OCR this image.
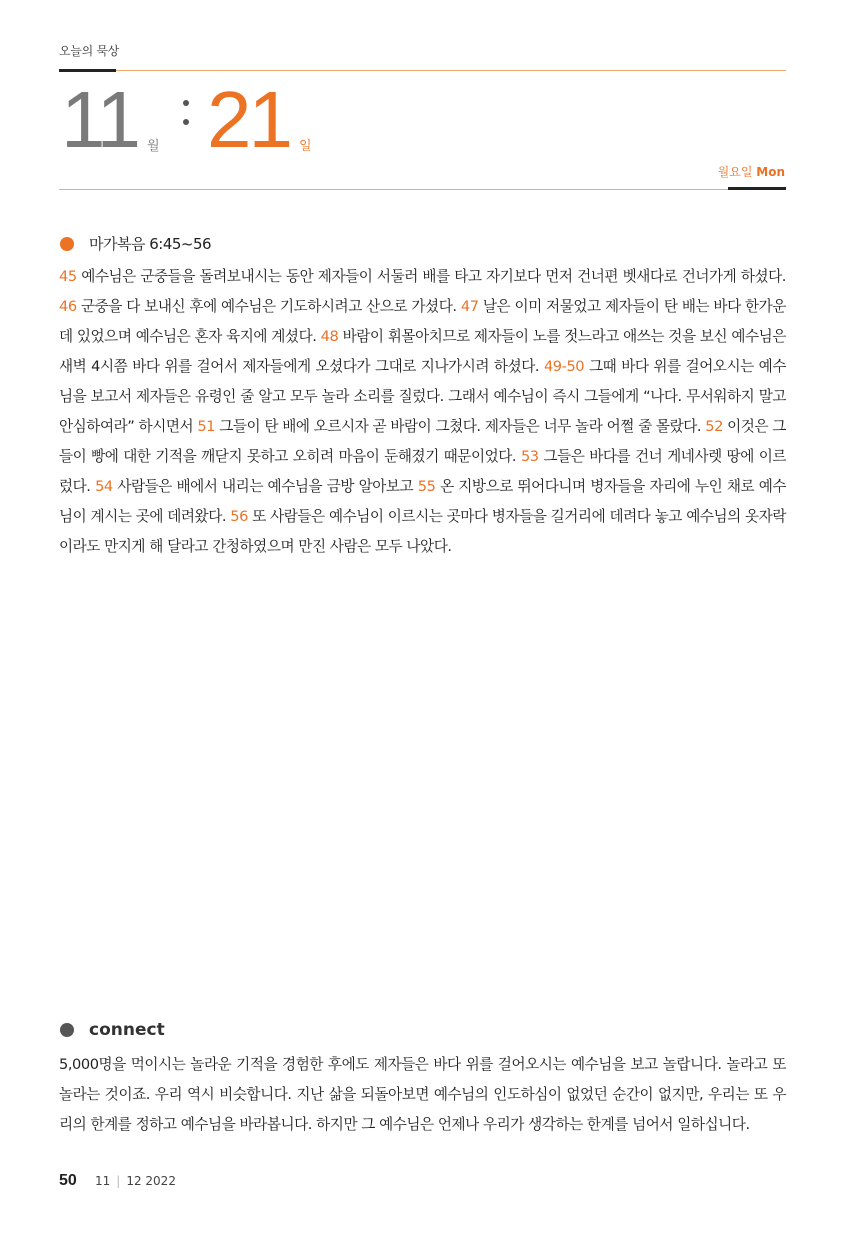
오늘의 묵상
11 월 21 일
월요일 Mon
마가복음 6:45~56
45 예수님은 군중들을 돌려보내시는 동안 제자들이 서둘러 배를 타고 자기보다 먼저 건너편 벳새다로 건너가게 하셨다. 46 군중을 다 보내신 후에 예수님은 기도하시려고 산으로 가셨다. 47 날은 이미 저물었고 제자들이 탄 배는 바다 한가운데 있었으며 예수님은 혼자 육지에 계셨다. 48 바람이 휘몰아치므로 제자들이 노를 젓느라고 애쓰는 것을 보신 예수님은 새벽 4시쯤 바다 위를 걸어서 제자들에게 오셨다가 그대로 지나가시려 하셨다. 49-50 그때 바다 위를 걸어오시는 예수님을 보고서 제자들은 유령인 줄 알고 모두 놀라 소리를 질렀다. 그래서 예수님이 즉시 그들에게 “나다. 무서워하지 말고 안심하여라” 하시면서 51 그들이 탄 배에 오르시자 곧 바람이 그쳤다. 제자들은 너무 놀라 어쩔 줄 몰랐다. 52 이것은 그들이 빵에 대한 기적을 깨닫지 못하고 오히려 마음이 둔해졌기 때문이었다. 53 그들은 바다를 건너 게네사렛 땅에 이르렀다. 54 사람들은 배에서 내리는 예수님을 금방 알아보고 55 온 지방으로 뛰어다니며 병자들을 자리에 누인 채로 예수님이 계시는 곳에 데려왔다. 56 또 사람들은 예수님이 이르시는 곳마다 병자들을 길거리에 데려다 놓고 예수님의 옷자락이라도 만지게 해 달라고 간청하였으며 만진 사람은 모두 나았다.
connect
5,000명을 먹이시는 놀라운 기적을 경험한 후에도 제자들은 바다 위를 걸어오시는 예수님을 보고 놀랍니다. 놀라고 또 놀라는 것이죠. 우리 역시 비슷합니다. 지난 삶을 되돌아보면 예수님의 인도하심이 없었던 순간이 없지만, 우리는 또 우리의 한계를 정하고 예수님을 바라봅니다. 하지만 그 예수님은 언제나 우리가 생각하는 한계를 넘어서 일하십니다.
50 11 | 12 2022
